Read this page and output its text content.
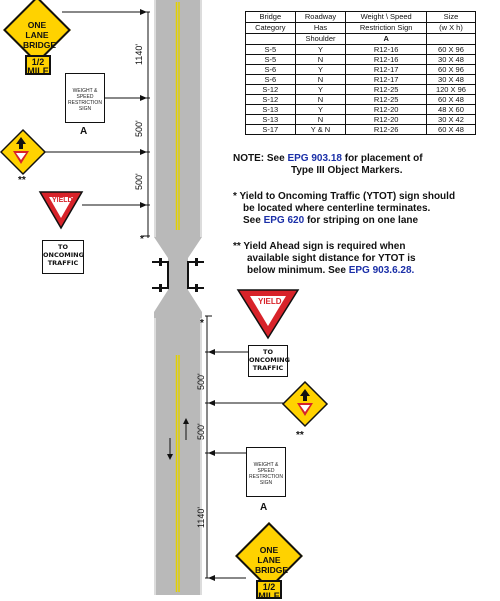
ONE LANE BRIDGE
1/2 MILE
WEIGHT & SPEED RESTRICTION SIGN
A
**
YIELD
TO ONCOMING TRAFFIC
*
YIELD
*
TO ONCOMING TRAFFIC
**
WEIGHT & SPEED RESTRICTION SIGN
A
ONE LANE BRIDGE
1/2 MILE
1140'
500'
500'
500'
500'
1140'
Bridge	Roadway	Weight \ Speed	Size
Category	Has	Restriction Sign	(w X h)
	Shoulder	A	
S-5	Y	R12-16	60 X 96
S-5	N	R12-16	30 X 48
S-6	Y	R12-17	60 X 96
S-6	N	R12-17	30 X 48
S-12	Y	R12-25	120 X 96
S-12	N	R12-25	60 X 48
S-13	Y	R12-20	48 X 60
S-13	N	R12-20	30 X 42
S-17	Y & N	R12-26	60 X 48
NOTE: See EPG 903.18 for placement of
Type III Object Markers.
* Yield to Oncoming Traffic (YTOT) sign should
be located where centerline terminates.
See EPG 620 for striping on one lane
** Yield Ahead sign is required when
available sight distance for YTOT is
below minimum. See EPG 903.6.28.
